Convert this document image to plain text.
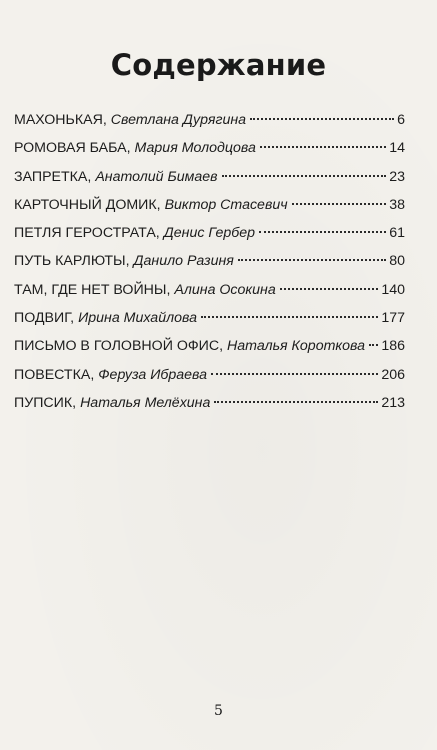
Содержание
МАХОНЬКАЯ, Светлана Дурягина	6
РОМОВАЯ БАБА, Мария Молодцова	14
ЗАПРЕТКА, Анатолий Бимаев	23
КАРТОЧНЫЙ ДОМИК, Виктор Стасевич	38
ПЕТЛЯ ГЕРОСТРАТА, Денис Гербер	61
ПУТЬ КАРЛЮТЫ, Данило Разиня	80
ТАМ, ГДЕ НЕТ ВОЙНЫ, Алина Осокина	140
ПОДВИГ, Ирина Михайлова	177
ПИСЬМО В ГОЛОВНОЙ ОФИС, Наталья Короткова 186
ПОВЕСТКА, Феруза Ибраева	206
ПУПСИК, Наталья Мелёхина	213
5
